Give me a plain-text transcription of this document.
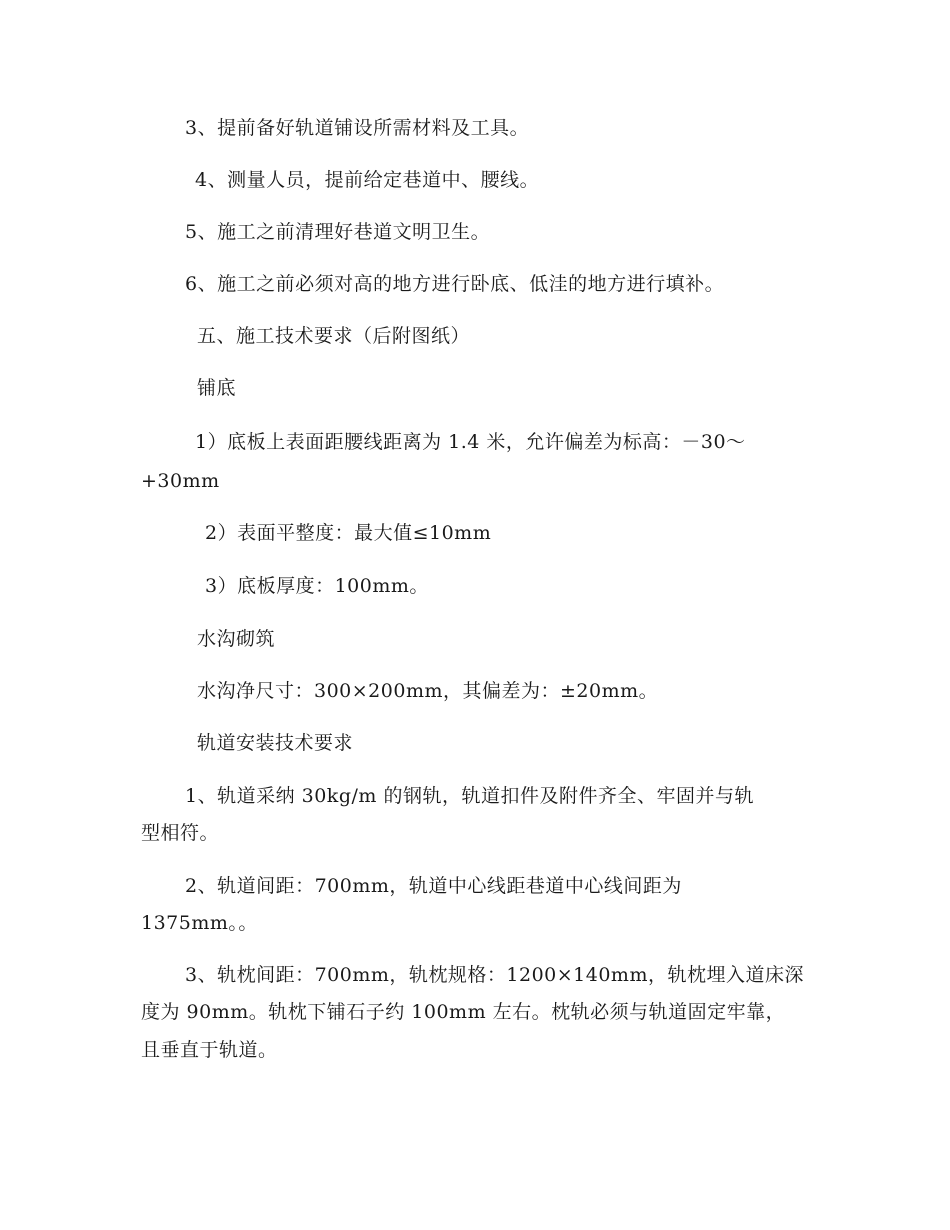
3、提前备好轨道铺设所需材料及工具。
4、测量人员，提前给定巷道中、腰线。
5、施工之前清理好巷道文明卫生。
6、施工之前必须对高的地方进行卧底、低洼的地方进行填补。
五、施工技术要求（后附图纸）
铺底
1）底板上表面距腰线距离为 1.4 米，允许偏差为标高：－30～
+30mm
2）表面平整度：最大值≤10mm
3）底板厚度：100mm。
水沟砌筑
水沟净尺寸：300×200mm，其偏差为：±20mm。
轨道安装技术要求
1、轨道采纳 30kg/m 的钢轨，轨道扣件及附件齐全、牢固并与轨
型相符。
2、轨道间距：700mm，轨道中心线距巷道中心线间距为
1375mm。。
3、轨枕间距：700mm，轨枕规格：1200×140mm，轨枕埋入道床深
度为 90mm。轨枕下铺石子约 100mm 左右。枕轨必须与轨道固定牢靠，
且垂直于轨道。
